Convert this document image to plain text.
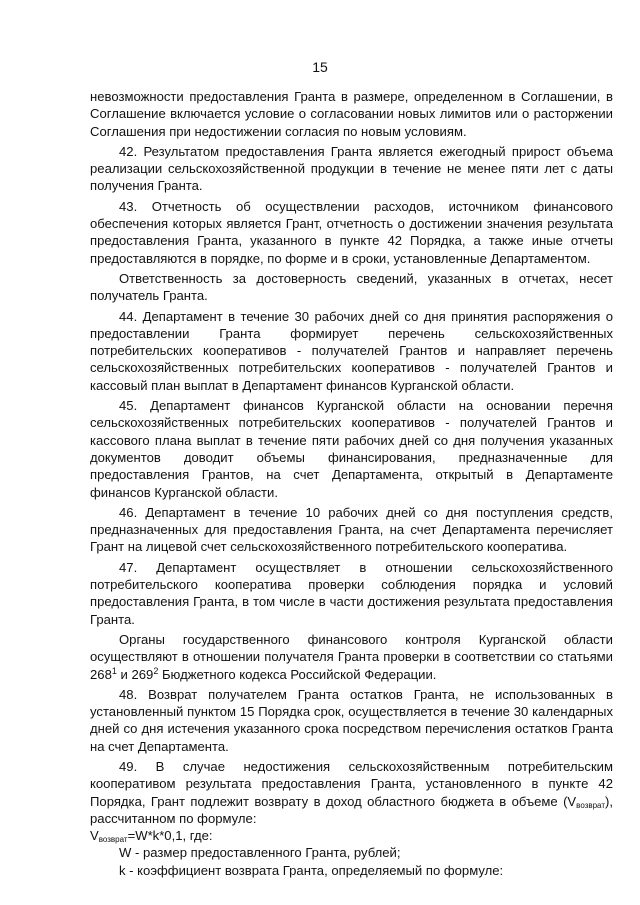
15

невозможности предоставления Гранта в размере, определенном в Соглашении, в Соглашение включается условие о согласовании новых лимитов или о расторжении Соглашения при недостижении согласия по новым условиям.

42. Результатом предоставления Гранта является ежегодный прирост объема реализации сельскохозяйственной продукции в течение не менее пяти лет с даты получения Гранта.

43. Отчетность об осуществлении расходов, источником финансового обеспечения которых является Грант, отчетность о достижении значения результата предоставления Гранта, указанного в пункте 42 Порядка, а также иные отчеты предоставляются в порядке, по форме и в сроки, установленные Департаментом.

Ответственность за достоверность сведений, указанных в отчетах, несет получатель Гранта.

44. Департамент в течение 30 рабочих дней со дня принятия распоряжения о предоставлении Гранта формирует перечень сельскохозяйственных потребительских кооперативов - получателей Грантов и направляет перечень сельскохозяйственных потребительских кооперативов - получателей Грантов и кассовый план выплат в Департамент финансов Курганской области.

45. Департамент финансов Курганской области на основании перечня сельскохозяйственных потребительских кооперативов - получателей Грантов и кассового плана выплат в течение пяти рабочих дней со дня получения указанных документов доводит объемы финансирования, предназначенные для предоставления Грантов, на счет Департамента, открытый в Департаменте финансов Курганской области.

46. Департамент в течение 10 рабочих дней со дня поступления средств, предназначенных для предоставления Гранта, на счет Департамента перечисляет Грант на лицевой счет сельскохозяйственного потребительского кооператива.

47. Департамент осуществляет в отношении сельскохозяйственного потребительского кооператива проверки соблюдения порядка и условий предоставления Гранта, в том числе в части достижения результата предоставления Гранта.

Органы государственного финансового контроля Курганской области осуществляют в отношении получателя Гранта проверки в соответствии со статьями $268^1$ и $269^2$ Бюджетного кодекса Российской Федерации.

48. Возврат получателем Гранта остатков Гранта, не использованных в установленный пунктом 15 Порядка срок, осуществляется в течение 30 календарных дней со дня истечения указанного срока посредством перечисления остатков Гранта на счет Департамента.

49. В случае недостижения сельскохозяйственным потребительским кооперативом результата предоставления Гранта, установленного в пункте 42 Порядка, Грант подлежит возврату в доход областного бюджета в объеме $(V_{возврат})$, рассчитанном по формуле:

$V_{возврат}=W*k*0,1$, где:

W - размер предоставленного Гранта, рублей;

k - коэффициент возврата Гранта, определяемый по формуле:
